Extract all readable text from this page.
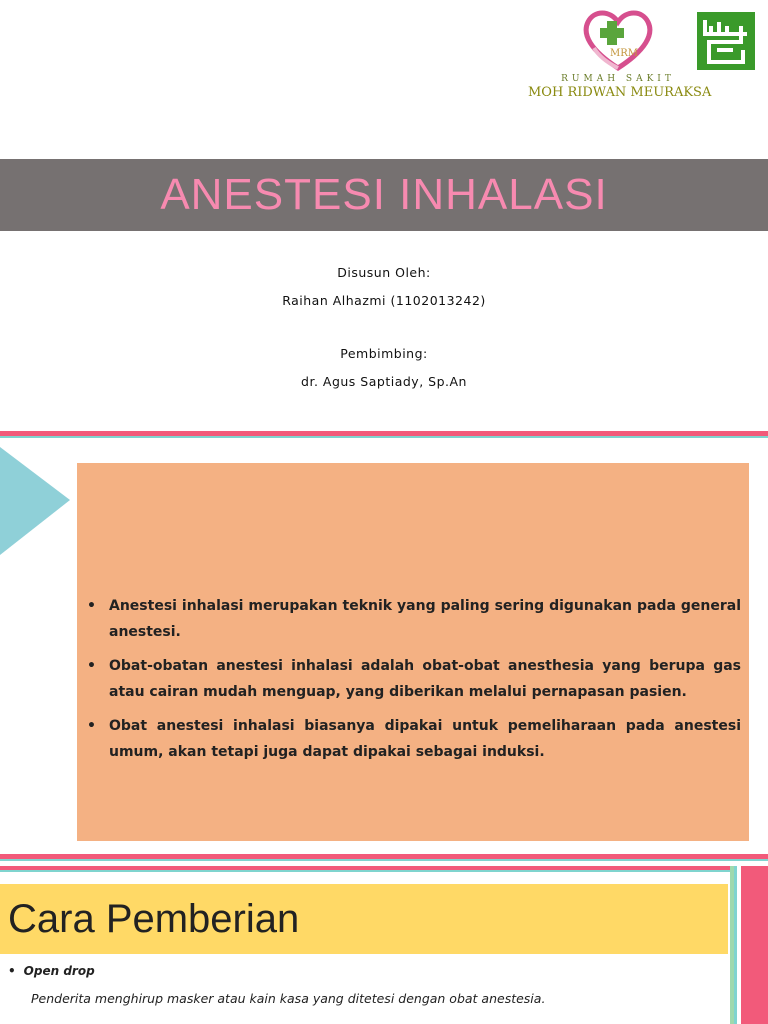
MRM
RUMAH SAKIT
MOH RIDWAN MEURAKSA
ANESTESI INHALASI
Disusun Oleh:
Raihan Alhazmi (1102013242)
Pembimbing:
dr. Agus Saptiady, Sp.An
• Anestesi inhalasi merupakan teknik yang paling sering digunakan pada general anestesi.
• Obat-obatan anestesi inhalasi adalah obat-obat anesthesia yang berupa gas atau cairan mudah menguap, yang diberikan melalui pernapasan pasien.
• Obat anestesi inhalasi biasanya dipakai untuk pemeliharaan pada anestesi umum, akan tetapi juga dapat dipakai sebagai induksi.
Cara Pemberian
• Open drop
Penderita menghirup masker atau kain kasa yang ditetesi dengan obat anestesia.
